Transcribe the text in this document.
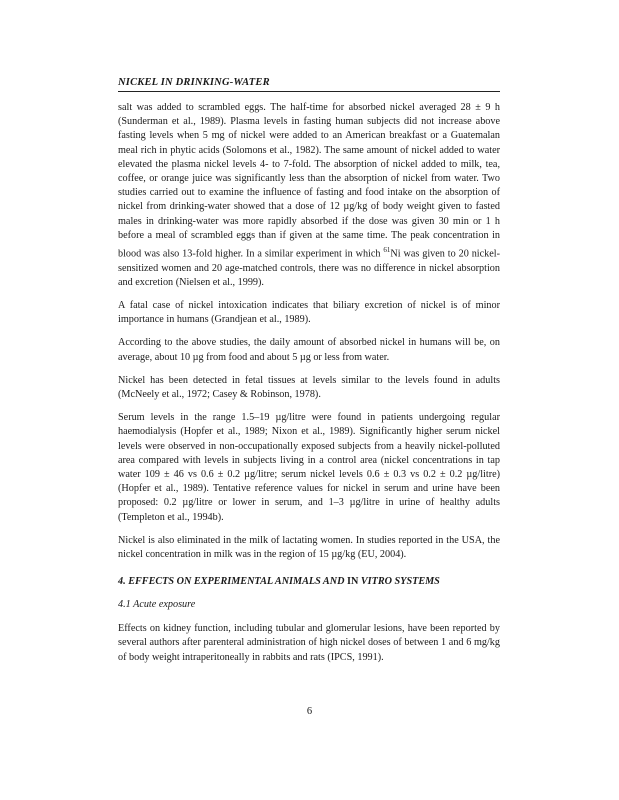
NICKEL IN DRINKING-WATER

salt was added to scrambled eggs. The half-time for absorbed nickel averaged 28 ± 9 h (Sunderman et al., 1989). Plasma levels in fasting human subjects did not increase above fasting levels when 5 mg of nickel were added to an American breakfast or a Guatemalan meal rich in phytic acids (Solomons et al., 1982). The same amount of nickel added to water elevated the plasma nickel levels 4- to 7-fold. The absorption of nickel added to milk, tea, coffee, or orange juice was significantly less than the absorption of nickel from water. Two studies carried out to examine the influence of fasting and food intake on the absorption of nickel from drinking-water showed that a dose of 12 µg/kg of body weight given to fasted males in drinking-water was more rapidly absorbed if the dose was given 30 min or 1 h before a meal of scrambled eggs than if given at the same time. The peak concentration in blood was also 13-fold higher. In a similar experiment in which $^{61}$Ni was given to 20 nickel-sensitized women and 20 age-matched controls, there was no difference in nickel absorption and excretion (Nielsen et al., 1999).

A fatal case of nickel intoxication indicates that biliary excretion of nickel is of minor importance in humans (Grandjean et al., 1989).

According to the above studies, the daily amount of absorbed nickel in humans will be, on average, about 10 µg from food and about 5 µg or less from water.

Nickel has been detected in fetal tissues at levels similar to the levels found in adults (McNeely et al., 1972; Casey & Robinson, 1978).

Serum levels in the range 1.5–19 µg/litre were found in patients undergoing regular haemodialysis (Hopfer et al., 1989; Nixon et al., 1989). Significantly higher serum nickel levels were observed in non-occupationally exposed subjects from a heavily nickel-polluted area compared with levels in subjects living in a control area (nickel concentrations in tap water 109 ± 46 vs 0.6 ± 0.2 µg/litre; serum nickel levels 0.6 ± 0.3 vs 0.2 ± 0.2 µg/litre) (Hopfer et al., 1989). Tentative reference values for nickel in serum and urine have been proposed: 0.2 µg/litre or lower in serum, and 1–3 µg/litre in urine of healthy adults (Templeton et al., 1994b).

Nickel is also eliminated in the milk of lactating women. In studies reported in the USA, the nickel concentration in milk was in the region of 15 µg/kg (EU, 2004).

4. EFFECTS ON EXPERIMENTAL ANIMALS AND IN VITRO SYSTEMS
4.1 Acute exposure

Effects on kidney function, including tubular and glomerular lesions, have been reported by several authors after parenteral administration of high nickel doses of between 1 and 6 mg/kg of body weight intraperitoneally in rabbits and rats (IPCS, 1991).

6
